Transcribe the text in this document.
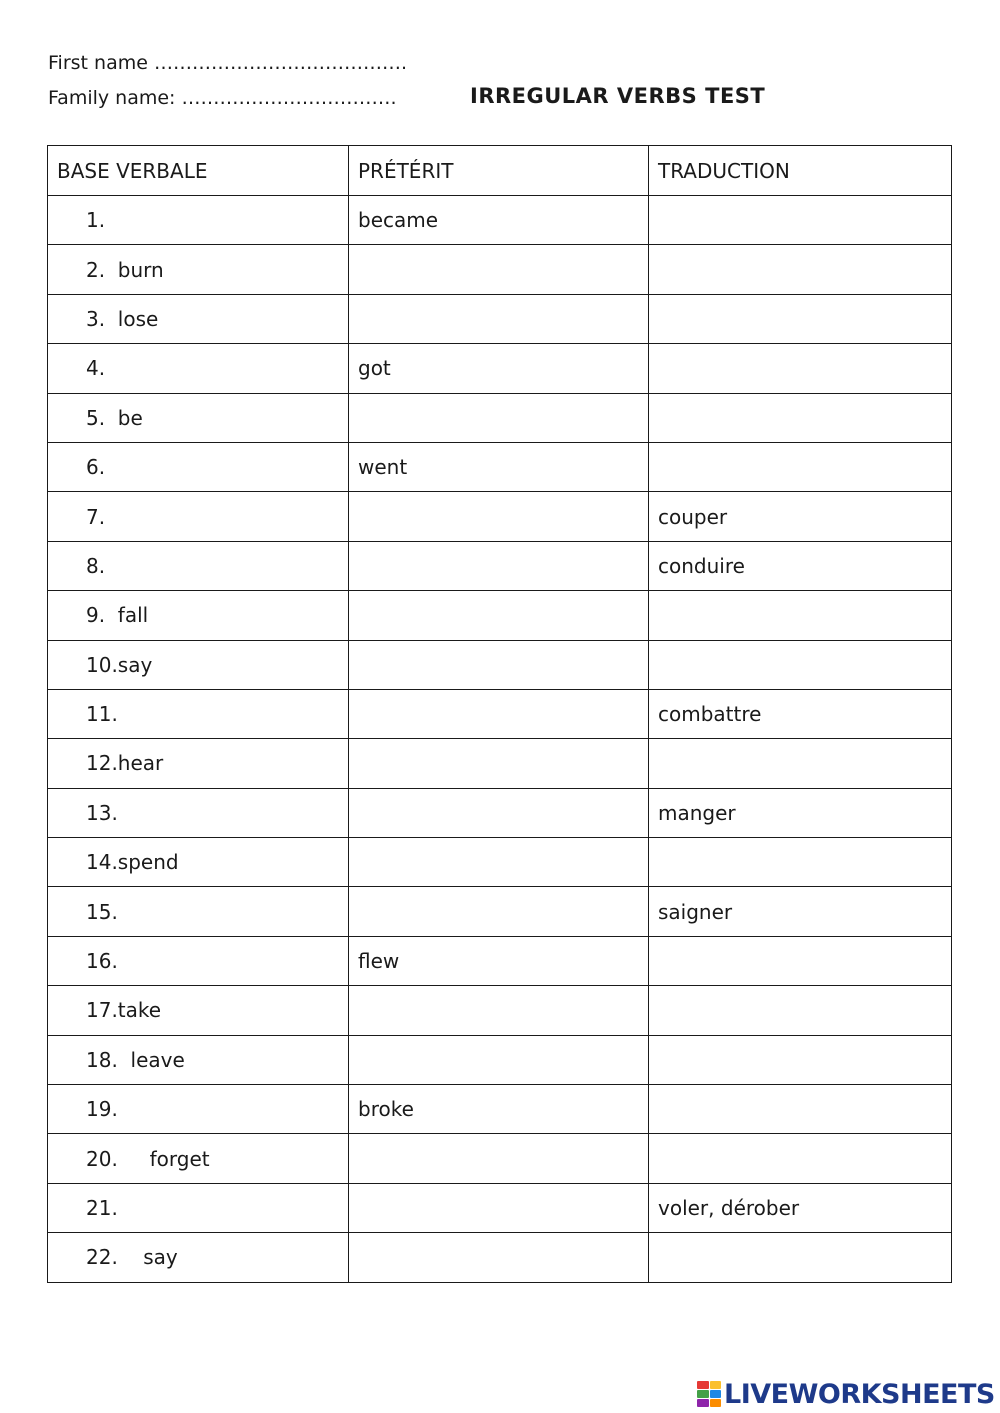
First name ………………………………….
Family name: …………………………….	IRREGULAR VERBS TEST
BASE VERBALE	PRÉTÉRIT	TRADUCTION
1.	became	
2.  burn		
3.  lose		
4.	got	
5.  be		
6.	went	
7.		couper
8.		conduire
9.  fall		
10.say		
11.		combattre
12.hear		
13.		manger
14.spend		
15.		saigner
16.	flew	
17.take		
18.  leave		
19.	broke	
20.     forget		
21.		voler, dérober
22.    say		
LIVEWORKSHEETS
